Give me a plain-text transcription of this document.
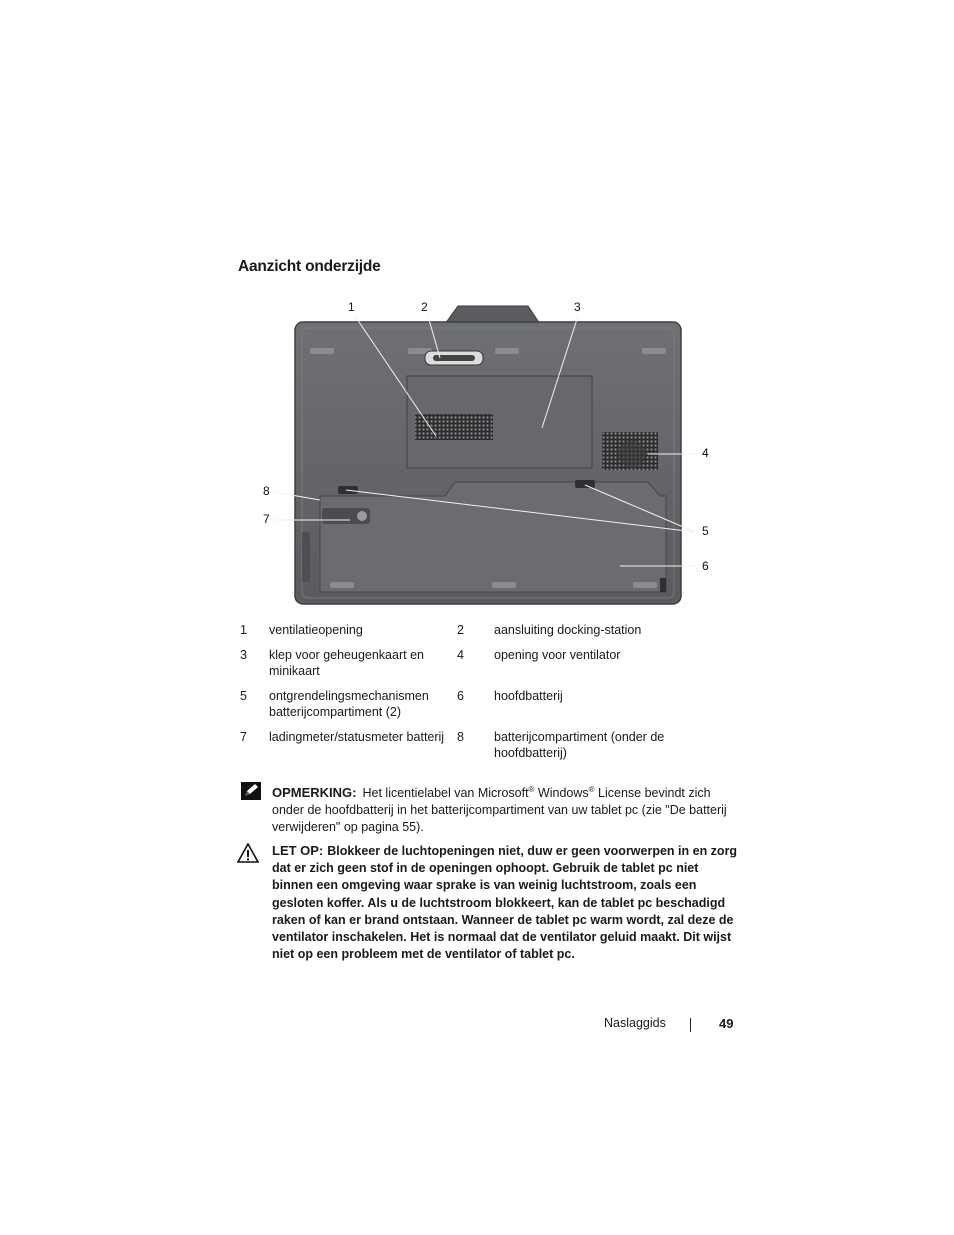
Aanzicht onderzijde
1	2	3
4
5
6
7
8
1	ventilatieopening	2	aansluiting docking-station
3	klep voor geheugenkaart en minikaart	4	opening voor ventilator
5	ontgrendelingsmechanismen batterijcompartiment (2)	6	hoofdbatterij
7	ladingmeter/statusmeter batterij	8	batterijcompartiment (onder de hoofdbatterij)
OPMERKING: Het licentielabel van Microsoft® Windows® License bevindt zich onder de hoofdbatterij in het batterijcompartiment van uw tablet pc (zie "De batterij verwijderen" op pagina 55).
LET OP: Blokkeer de luchtopeningen niet, duw er geen voorwerpen in en zorg dat er zich geen stof in de openingen ophoopt. Gebruik de tablet pc niet binnen een omgeving waar sprake is van weinig luchtstroom, zoals een gesloten koffer. Als u de luchtstroom blokkeert, kan de tablet pc beschadigd raken of kan er brand ontstaan. Wanneer de tablet pc warm wordt, zal deze de ventilator inschakelen. Het is normaal dat de ventilator geluid maakt. Dit wijst niet op een probleem met de ventilator of tablet pc.
Naslaggids	49
